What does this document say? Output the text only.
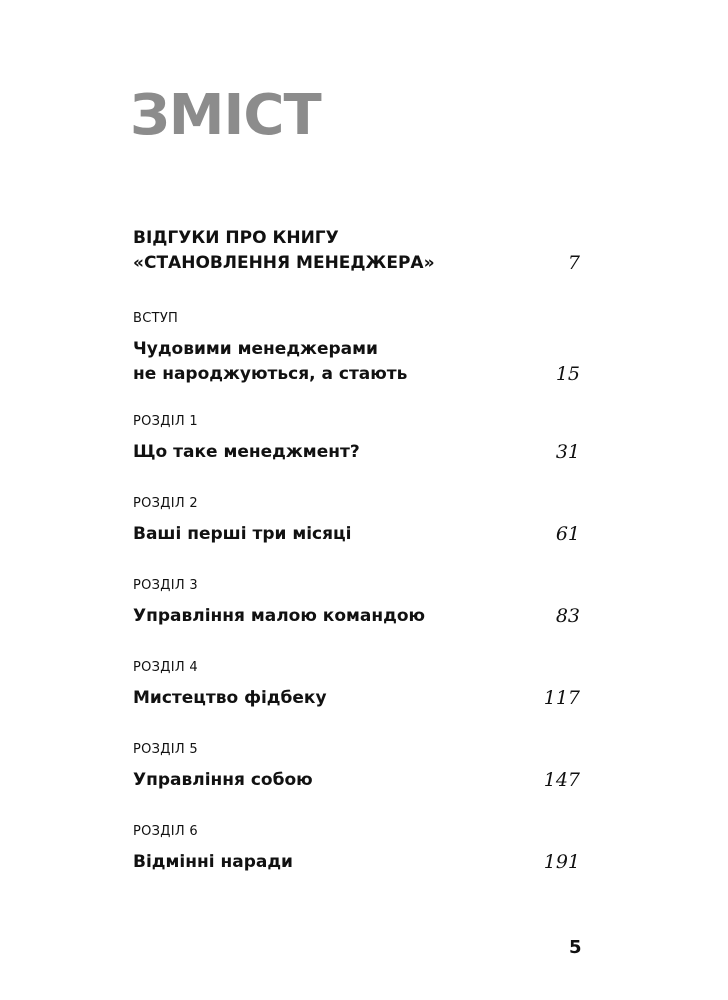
ЗМІСТ
ВІДГУКИ ПРО КНИГУ
«СТАНОВЛЕННЯ МЕНЕДЖЕРА»	7
ВСТУП
Чудовими менеджерами
не народжуються, а стають	15
РОЗДІЛ 1
Що таке менеджмент?	31
РОЗДІЛ 2
Ваші перші три місяці	61
РОЗДІЛ 3
Управління малою командою	83
РОЗДІЛ 4
Мистецтво фідбеку	117
РОЗДІЛ 5
Управління собою	147
РОЗДІЛ 6
Відмінні наради	191
5
